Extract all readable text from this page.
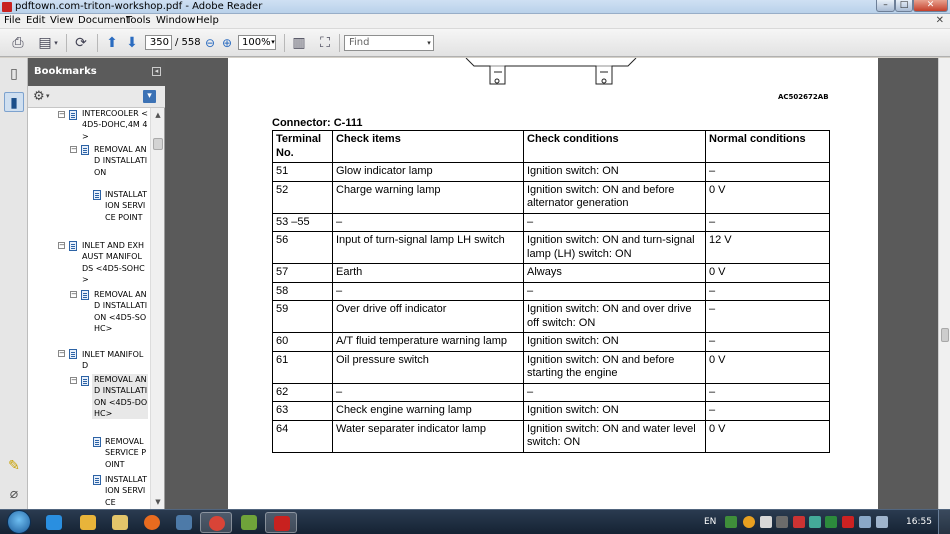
pdftown.com-triton-workshop.pdf - Adobe Reader	–	□	✕
File Edit View Document
Tools Window Help	✕
⎙ ▤ ▾ ⟳ ⬆ ⬇	350 / 558 ⊖ ⊕ 100% ▾ ▥ ⛶	Find	▾
▯
▮
✎
⌀
Bookmarks	◂
⚙ ▾	▾
− INTERCOOLER <4D5-DOHC,4M 4>
− REMOVAL AND INSTALLATION
INSTALLATION SERVICE POINT
− INLET AND EXHAUST MANIFOLDS <4D5-SOHC>
− REMOVAL AND INSTALLATION <4D5-SOHC>
− INLET MANIFOLD
− REMOVAL AND INSTALLATION <4D5-DOHC>
REMOVAL SERVICE POINT
INSTALLATION SERVICE
▲
▼
AC502672AB
Connector: C-111
Terminal No.	Check items	Check conditions	Normal conditions
51	Glow indicator lamp	Ignition switch: ON	–
52	Charge warning lamp	Ignition switch: ON and before alternator generation	0 V
53 –55	–	–	–
56	Input of turn-signal lamp LH switch	Ignition switch: ON and turn-signal lamp (LH) switch: ON	12 V
57	Earth	Always	0 V
58	–	–	–
59	Over drive off indicator	Ignition switch: ON and over drive off switch: ON	–
60	A/T fluid temperature warning lamp	Ignition switch: ON	–
61	Oil pressure switch	Ignition switch: ON and before starting the engine	0 V
62	–	–	–
63	Check engine warning lamp	Ignition switch: ON	–
64	Water separater indicator lamp	Ignition switch: ON and water level switch: ON	0 V
EN	16:55
